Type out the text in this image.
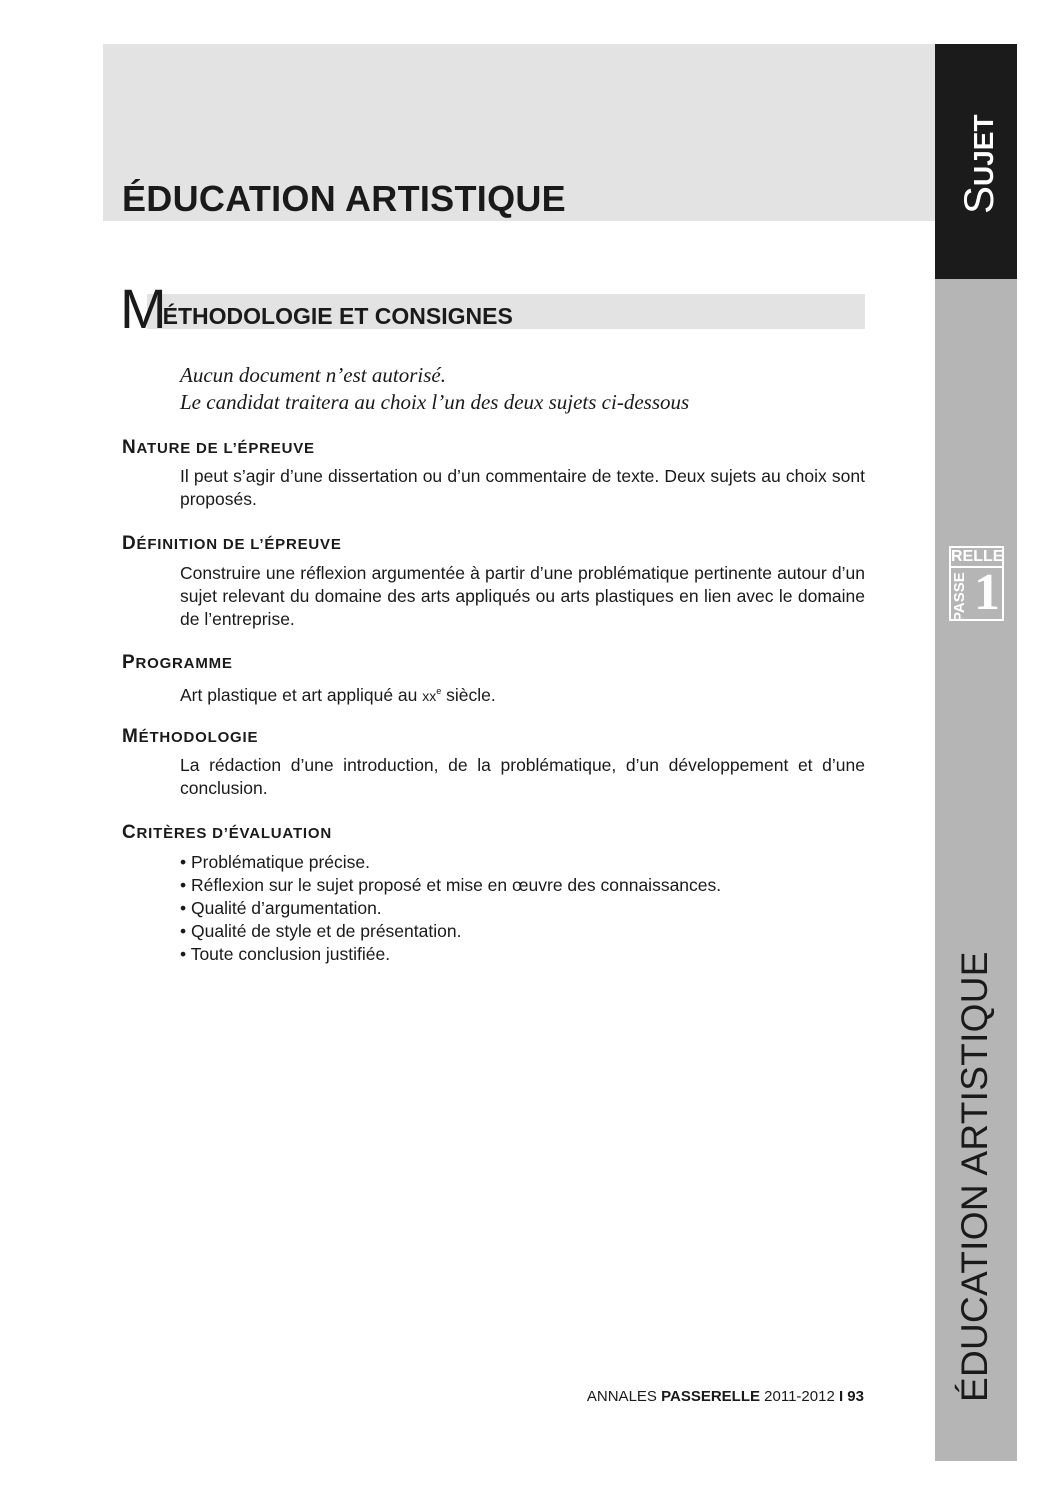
ÉDUCATION ARTISTIQUE	SUJET
RELLE
PASSE 1
ÉDUCATION ARTISTIQUE
MÉTHODOLOGIE ET CONSIGNES

Aucun document n’est autorisé.
Le candidat traitera au choix l’un des deux sujets ci-dessous

NATURE DE L’ÉPREUVE

Il peut s’agir d’une dissertation ou d’un commentaire de texte. Deux sujets au choix sont proposés.

DÉFINITION DE L’ÉPREUVE

Construire une réflexion argumentée à partir d’une problématique pertinente autour d’un sujet relevant du domaine des arts appliqués ou arts plastiques en lien avec le domaine de l’entreprise.

PROGRAMME

Art plastique et art appliqué au $xx^e$ siècle.

MÉTHODOLOGIE

La rédaction d’une introduction, de la problématique, d’un développement et d’une conclusion.

CRITÈRES D’ÉVALUATION
• Problématique précise.
• Réflexion sur le sujet proposé et mise en œuvre des connaissances.
• Qualité d’argumentation.
• Qualité de style et de présentation.
• Toute conclusion justifiée.
ANNALES PASSERELLE 2011-2012 I 93
